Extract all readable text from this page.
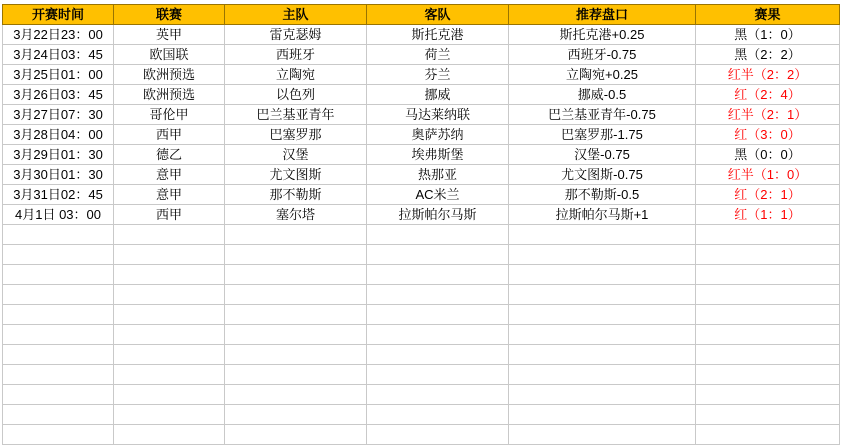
开赛时间	联赛	主队	客队	推荐盘口	赛果
3月22日23：00	英甲	雷克瑟姆	斯托克港	斯托克港+0.25	黑（1：0）
3月24日03：45	欧国联	西班牙	荷兰	西班牙-0.75	黑（2：2）
3月25日01：00	欧洲预选	立陶宛	芬兰	立陶宛+0.25	红半（2：2）
3月26日03：45	欧洲预选	以色列	挪威	挪威-0.5	红（2：4）
3月27日07：30	哥伦甲	巴兰基亚青年	马达莱纳联	巴兰基亚青年-0.75	红半（2：1）
3月28日04：00	西甲	巴塞罗那	奥萨苏纳	巴塞罗那-1.75	红（3：0）
3月29日01：30	德乙	汉堡	埃弗斯堡	汉堡-0.75	黑（0：0）
3月30日01：30	意甲	尤文图斯	热那亚	尤文图斯-0.75	红半（1：0）
3月31日02：45	意甲	那不勒斯	AC米兰	那不勒斯-0.5	红（2：1）
4月1日 03：00	西甲	塞尔塔	拉斯帕尔马斯	拉斯帕尔马斯+1	红（1：1）
